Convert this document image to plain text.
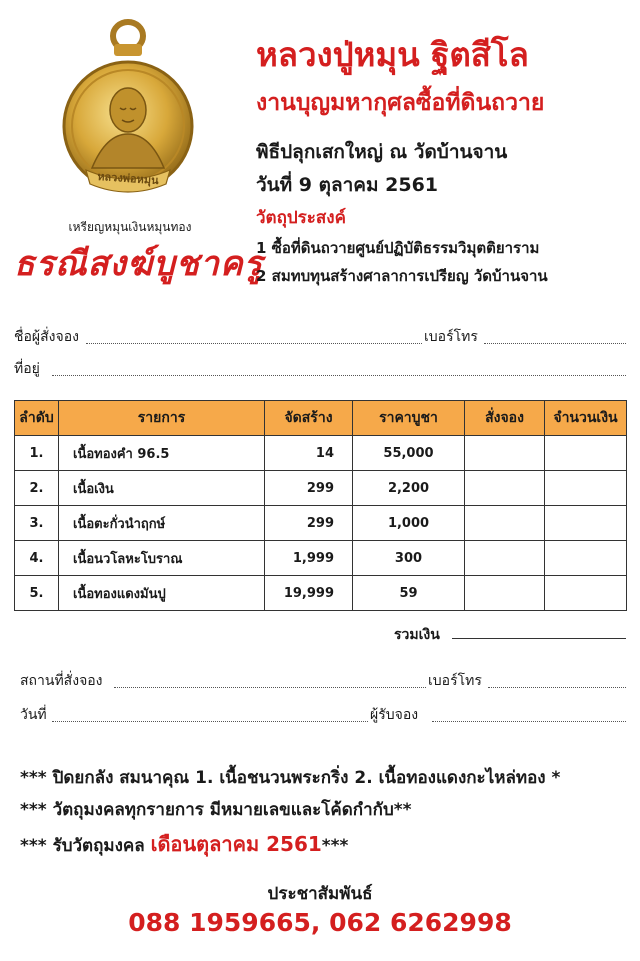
หลวงพ่อหมุน
เหรียญหมุนเงินหมุนทอง
ธรณีสงฆ์บูชาครู
หลวงปู่หมุน ฐิตสีโล
งานบุญมหากุศลซื้อที่ดินถวาย
พิธีปลุกเสกใหญ่ ณ วัดบ้านจาน
วันที่ 9 ตุลาคม 2561
วัตถุประสงค์
1 ซื้อที่ดินถวายศูนย์ปฏิบัติธรรมวิมุตติยาราม
2 สมทบทุนสร้างศาลาการเปรียญ วัดบ้านจาน
ชื่อผู้สั่งจอง	เบอร์โทร
ที่อยู่
ลำดับ	รายการ	จัดสร้าง	ราคาบูชา	สั่งจอง	จำนวนเงิน
1.	เนื้อทองคำ 96.5	14	55,000		
2.	เนื้อเงิน	299	2,200		
3.	เนื้อตะกั่วนำฤกษ์	299	1,000		
4.	เนื้อนวโลหะโบราณ	1,999	300		
5.	เนื้อทองแดงมันปู	19,999	59		
รวมเงิน
สถานที่สั่งจอง	เบอร์โทร
วันที่	ผู้รับจอง
*** ปิดยกลัง สมนาคุณ 1. เนื้อชนวนพระกริ่ง 2. เนื้อทองแดงกะไหล่ทอง *
*** วัตถุมงคลทุกรายการ มีหมายเลขและโค้ดกำกับ**
*** รับวัตถุมงคล เดือนตุลาคม 2561***
ประชาสัมพันธ์
088 1959665, 062 6262998
